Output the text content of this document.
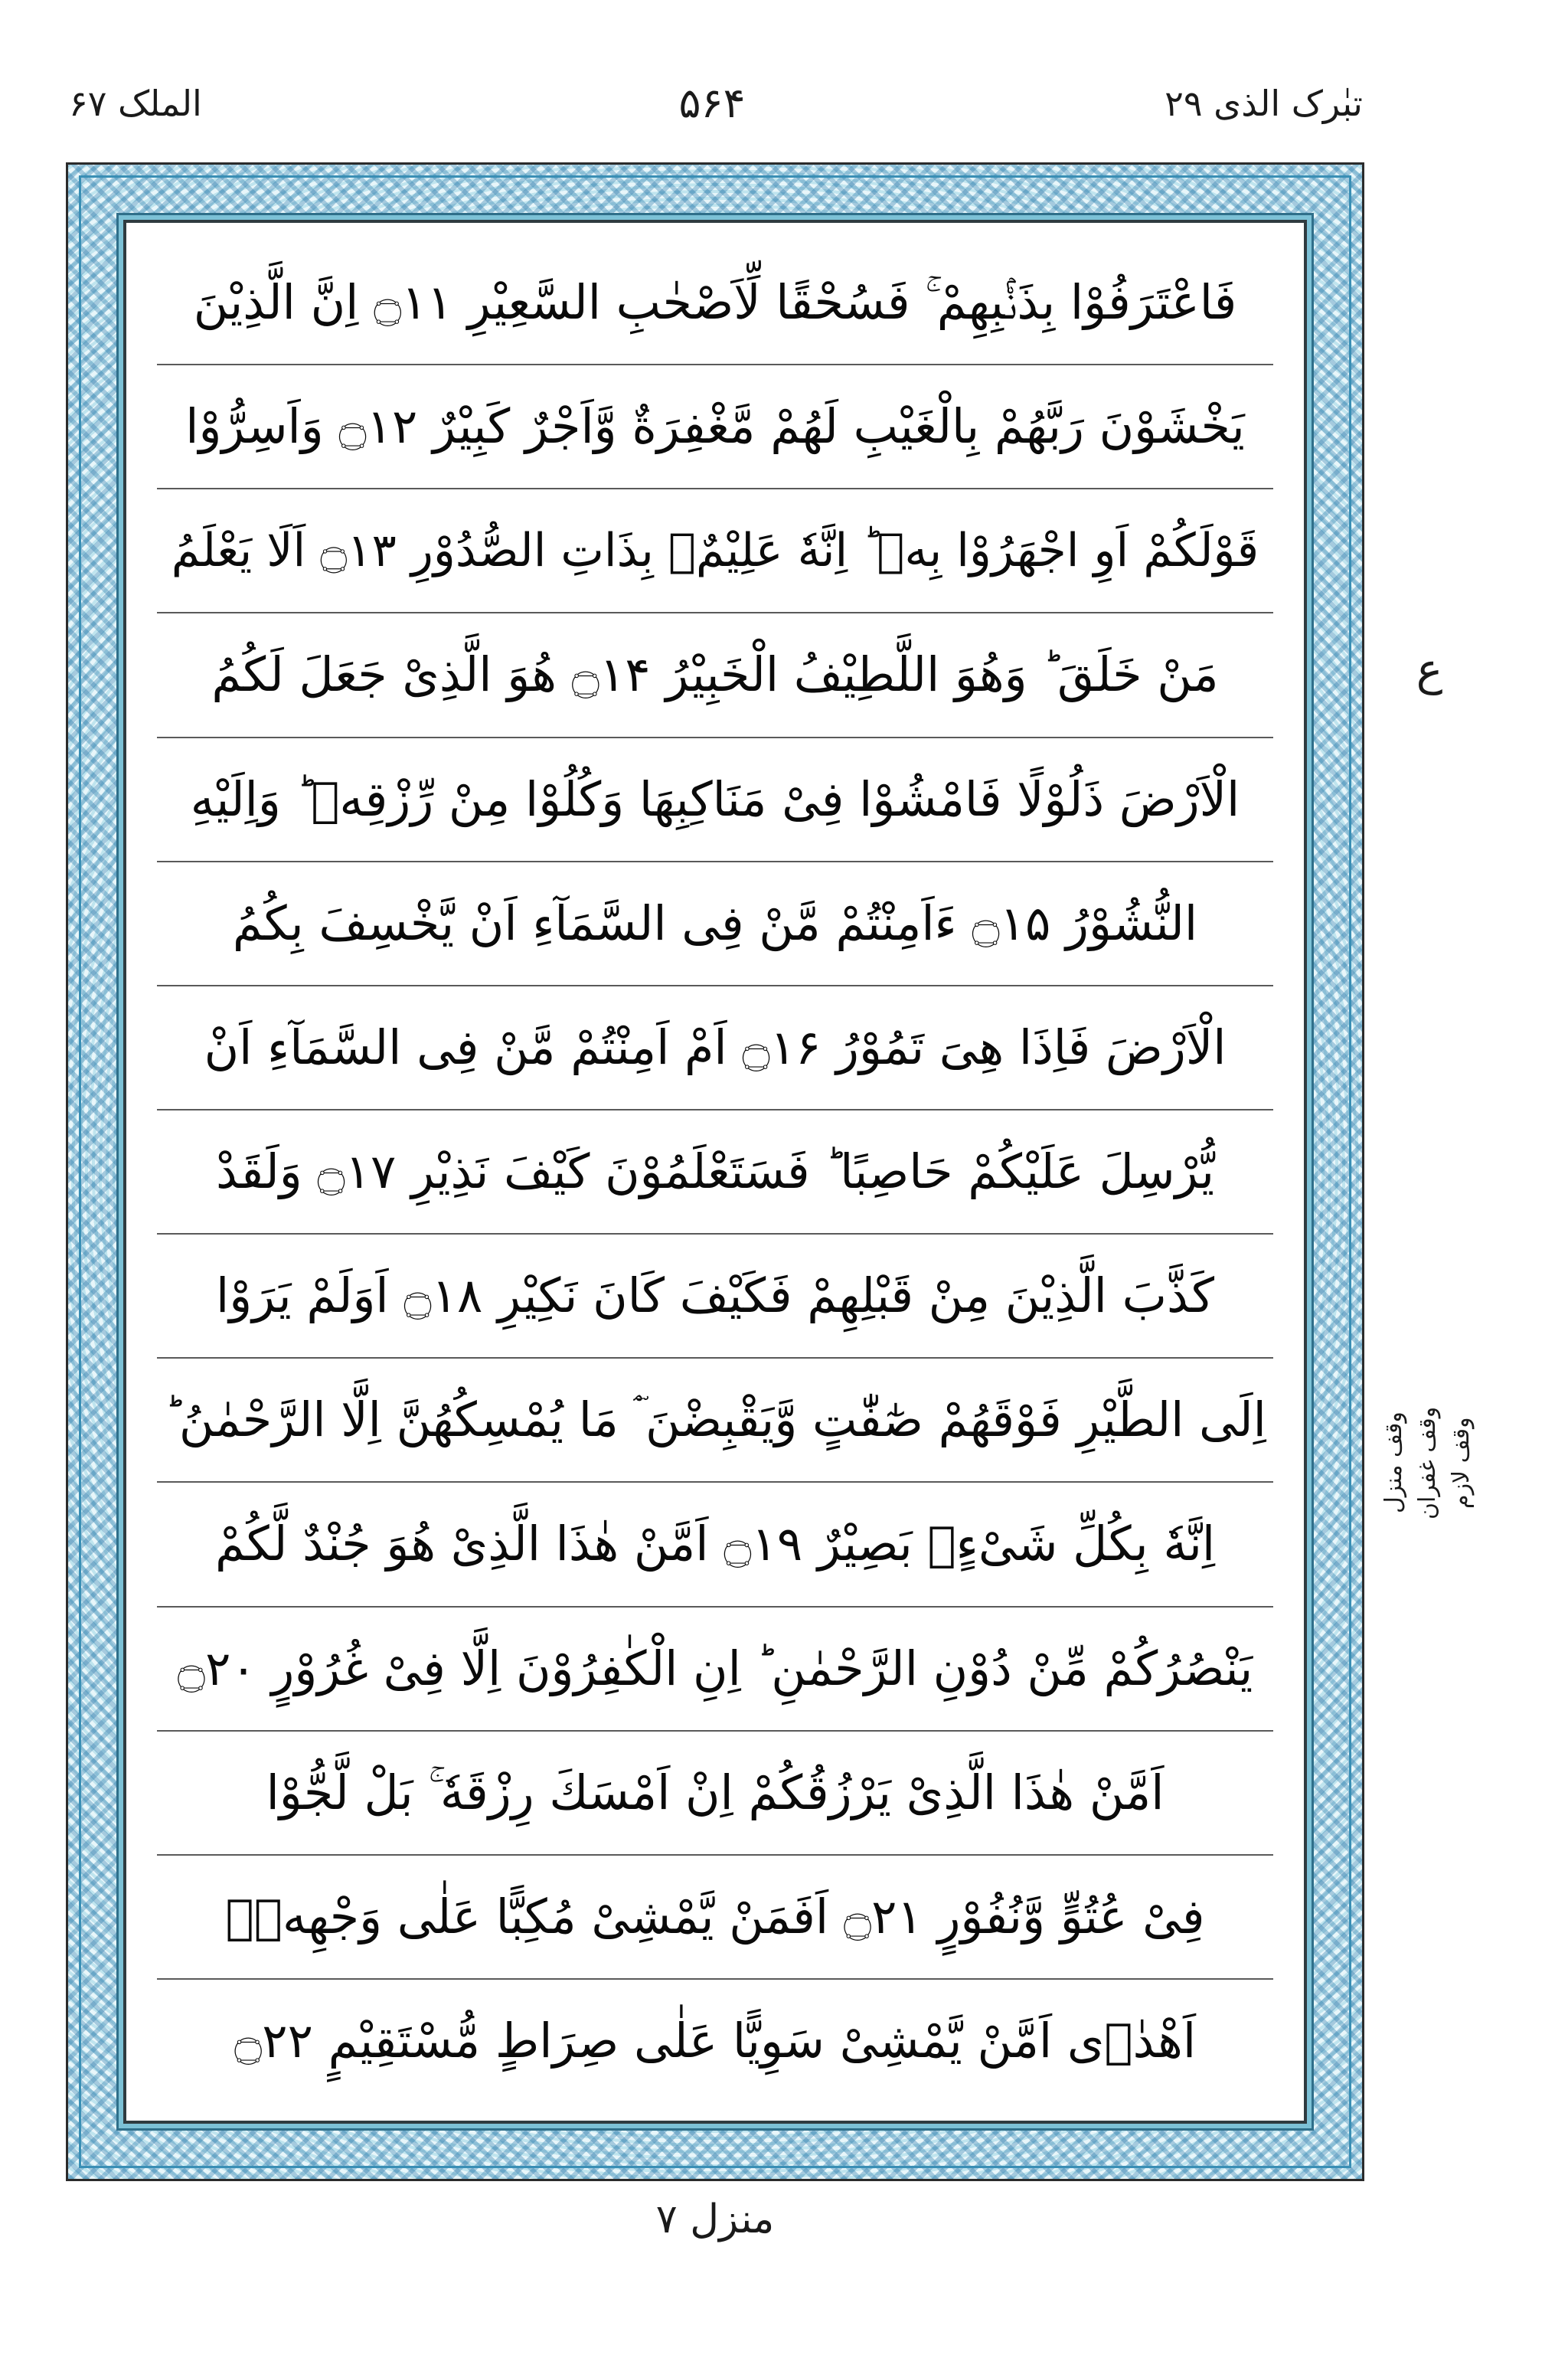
تبٰرک الذی ۲۹
۵۶۴
الملک ۶۷
فَاعْتَرَفُوْا بِذَنْۢبِهِمْ ۚ فَسُحْقًا لِّاَصْحٰبِ السَّعِیْرِ ۝۱۱ اِنَّ الَّذِیْنَ
یَخْشَوْنَ رَبَّهُمْ بِالْغَیْبِ لَهُمْ مَّغْفِرَةٌ وَّاَجْرٌ كَبِیْرٌ ۝۱۲ وَاَسِرُّوْا
قَوْلَكُمْ اَوِ اجْهَرُوْا بِهٖ ؕ اِنَّهٗ عَلِیْمٌۢ بِذَاتِ الصُّدُوْرِ ۝۱۳ اَلَا یَعْلَمُ
مَنْ خَلَقَ ؕ وَهُوَ اللَّطِیْفُ الْخَبِیْرُ ۝۱۴ هُوَ الَّذِیْ جَعَلَ لَكُمُ
الْاَرْضَ ذَلُوْلًا فَامْشُوْا فِیْ مَنَاكِبِهَا وَكُلُوْا مِنْ رِّزْقِهٖ ؕ وَاِلَیْهِ
النُّشُوْرُ ۝۱۵ ءَاَمِنْتُمْ مَّنْ فِی السَّمَآءِ اَنْ یَّخْسِفَ بِكُمُ
الْاَرْضَ فَاِذَا هِیَ تَمُوْرُ ۝۱۶ اَمْ اَمِنْتُمْ مَّنْ فِی السَّمَآءِ اَنْ
یُّرْسِلَ عَلَیْكُمْ حَاصِبًا ؕ فَسَتَعْلَمُوْنَ كَیْفَ نَذِیْرِ ۝۱۷ وَلَقَدْ
كَذَّبَ الَّذِیْنَ مِنْ قَبْلِهِمْ فَكَیْفَ كَانَ نَكِیْرِ ۝۱۸ اَوَلَمْ یَرَوْا
اِلَى الطَّیْرِ فَوْقَهُمْ صٰٓفّٰتٍ وَّیَقْبِضْنَ ؔۘ مَا یُمْسِكُهُنَّ اِلَّا الرَّحْمٰنُ ؕ
اِنَّهٗ بِكُلِّ شَیْءٍۭ بَصِیْرٌ ۝۱۹ اَمَّنْ هٰذَا الَّذِیْ هُوَ جُنْدٌ لَّكُمْ
یَنْصُرُكُمْ مِّنْ دُوْنِ الرَّحْمٰنِ ؕ اِنِ الْكٰفِرُوْنَ اِلَّا فِیْ غُرُوْرٍ ۝۲۰
اَمَّنْ هٰذَا الَّذِیْ یَرْزُقُكُمْ اِنْ اَمْسَكَ رِزْقَهٗ ۚ بَلْ لَّجُّوْا
فِیْ عُتُوٍّ وَّنُفُوْرٍ ۝۲۱ اَفَمَنْ یَّمْشِیْ مُكِبًّا عَلٰى وَجْهِهٖۤ
اَهْدٰۤى اَمَّنْ یَّمْشِیْ سَوِیًّا عَلٰى صِرَاطٍ مُّسْتَقِیْمٍ ۝۲۲
ع
وقف لازم
وقف غفران
وقف منزل
منزل ۷
